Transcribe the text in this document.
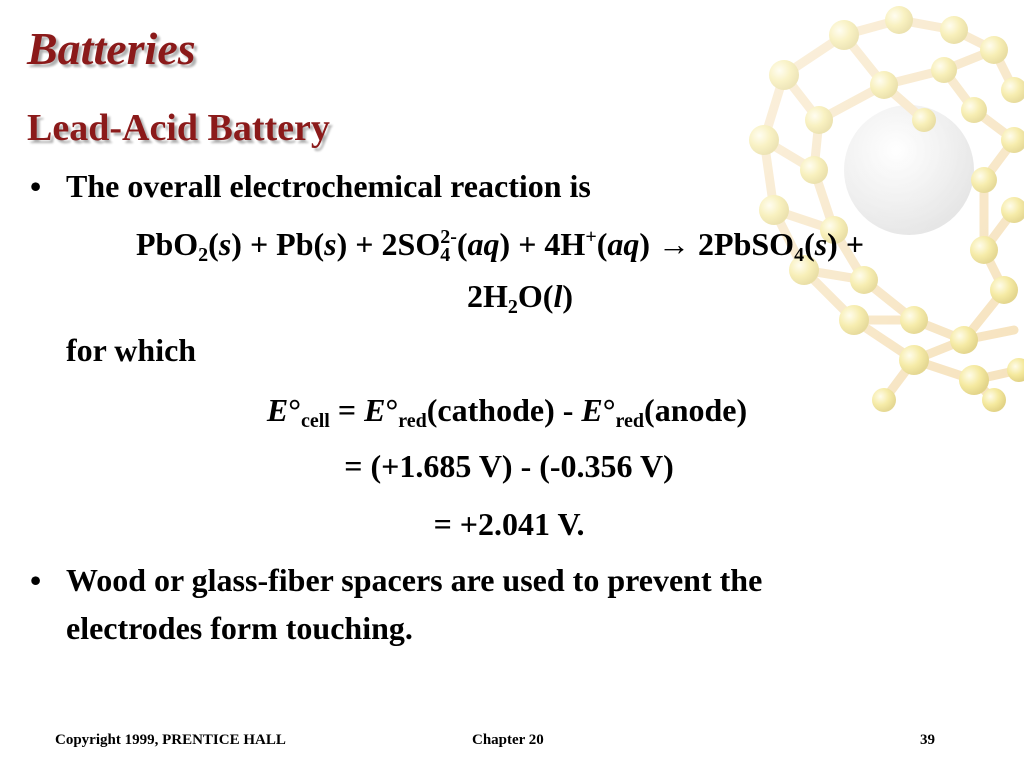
Batteries
Lead-Acid Battery
• The overall electrochemical reaction is
$PbO_2(s) + Pb(s) + 2SO_4^{2-}(aq) + 4H^+(aq)$ → 2PbSO$_4$(s) +
$2H_2O(l)$
for which
$E^\circ_{cell}$ = $E^\circ_{red}(cathode)$ - $E^\circ_{red}(anode)$
= (+1.685 V) - (-0.356 V)
= +2.041 V.
• Wood or glass-fiber spacers are used to prevent the
electrodes form touching.
Copyright 1999, PRENTICE HALL	Chapter 20	39
